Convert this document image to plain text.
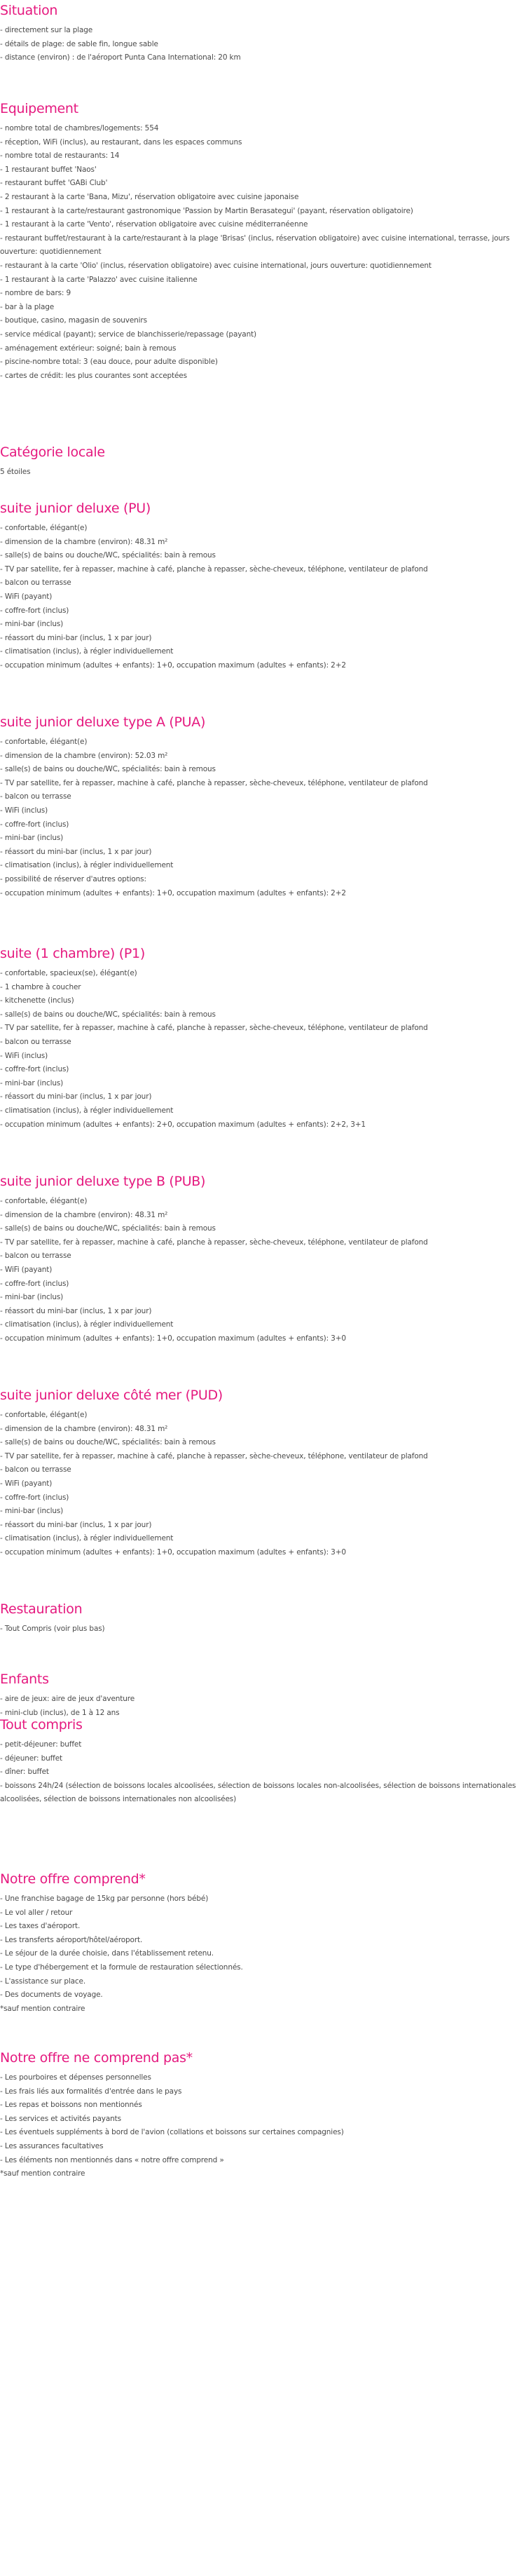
Situation
- directement sur la plage
- détails de plage: de sable fin, longue sable
- distance (environ) : de l'aéroport Punta Cana International: 20 km
Equipement
- nombre total de chambres/logements: 554
- réception, WiFi (inclus), au restaurant, dans les espaces communs
- nombre total de restaurants: 14
- 1 restaurant buffet 'Naos'
- restaurant buffet 'GABi Club'
- 2 restaurant à la carte 'Bana, Mizu', réservation obligatoire avec cuisine japonaise
- 1 restaurant à la carte/restaurant gastronomique 'Passion by Martin Berasategui' (payant, réservation obligatoire)
- 1 restaurant à la carte 'Vento', réservation obligatoire avec cuisine méditerranéenne
- restaurant buffet/restaurant à la carte/restaurant à la plage 'Brisas' (inclus, réservation obligatoire) avec cuisine international, terrasse, jours ouverture: quotidiennement
- restaurant à la carte 'Olio' (inclus, réservation obligatoire) avec cuisine international, jours ouverture: quotidiennement
- 1 restaurant à la carte 'Palazzo' avec cuisine italienne
- nombre de bars: 9
- bar à la plage
- boutique, casino, magasin de souvenirs
- service médical (payant); service de blanchisserie/repassage (payant)
- aménagement extérieur: soigné; bain à remous
- piscine-nombre total: 3 (eau douce, pour adulte disponible)
- cartes de crédit: les plus courantes sont acceptées
Catégorie locale
5 étoiles
suite junior deluxe (PU)
- confortable, élégant(e)
- dimension de la chambre (environ): 48.31 m²
- salle(s) de bains ou douche/WC, spécialités: bain à remous
- TV par satellite, fer à repasser, machine à café, planche à repasser, sèche-cheveux, téléphone, ventilateur de plafond
- balcon ou terrasse
- WiFi (payant)
- coffre-fort (inclus)
- mini-bar (inclus)
- réassort du mini-bar (inclus, 1 x par jour)
- climatisation (inclus), à régler individuellement
- occupation minimum (adultes + enfants): 1+0, occupation maximum (adultes + enfants): 2+2
suite junior deluxe type A (PUA)
- confortable, élégant(e)
- dimension de la chambre (environ): 52.03 m²
- salle(s) de bains ou douche/WC, spécialités: bain à remous
- TV par satellite, fer à repasser, machine à café, planche à repasser, sèche-cheveux, téléphone, ventilateur de plafond
- balcon ou terrasse
- WiFi (inclus)
- coffre-fort (inclus)
- mini-bar (inclus)
- réassort du mini-bar (inclus, 1 x par jour)
- climatisation (inclus), à régler individuellement
- possibilité de réserver d'autres options:
- occupation minimum (adultes + enfants): 1+0, occupation maximum (adultes + enfants): 2+2
suite (1 chambre) (P1)
- confortable, spacieux(se), élégant(e)
- 1 chambre à coucher
- kitchenette (inclus)
- salle(s) de bains ou douche/WC, spécialités: bain à remous
- TV par satellite, fer à repasser, machine à café, planche à repasser, sèche-cheveux, téléphone, ventilateur de plafond
- balcon ou terrasse
- WiFi (inclus)
- coffre-fort (inclus)
- mini-bar (inclus)
- réassort du mini-bar (inclus, 1 x par jour)
- climatisation (inclus), à régler individuellement
- occupation minimum (adultes + enfants): 2+0, occupation maximum (adultes + enfants): 2+2, 3+1
suite junior deluxe type B (PUB)
- confortable, élégant(e)
- dimension de la chambre (environ): 48.31 m²
- salle(s) de bains ou douche/WC, spécialités: bain à remous
- TV par satellite, fer à repasser, machine à café, planche à repasser, sèche-cheveux, téléphone, ventilateur de plafond
- balcon ou terrasse
- WiFi (payant)
- coffre-fort (inclus)
- mini-bar (inclus)
- réassort du mini-bar (inclus, 1 x par jour)
- climatisation (inclus), à régler individuellement
- occupation minimum (adultes + enfants): 1+0, occupation maximum (adultes + enfants): 3+0
suite junior deluxe côté mer (PUD)
- confortable, élégant(e)
- dimension de la chambre (environ): 48.31 m²
- salle(s) de bains ou douche/WC, spécialités: bain à remous
- TV par satellite, fer à repasser, machine à café, planche à repasser, sèche-cheveux, téléphone, ventilateur de plafond
- balcon ou terrasse
- WiFi (payant)
- coffre-fort (inclus)
- mini-bar (inclus)
- réassort du mini-bar (inclus, 1 x par jour)
- climatisation (inclus), à régler individuellement
- occupation minimum (adultes + enfants): 1+0, occupation maximum (adultes + enfants): 3+0
Restauration
- Tout Compris (voir plus bas)
Enfants
- aire de jeux: aire de jeux d'aventure
- mini-club (inclus), de 1 à 12 ans
Tout compris
- petit-déjeuner: buffet
- déjeuner: buffet
- dîner: buffet
- boissons 24h/24 (sélection de boissons locales alcoolisées, sélection de boissons locales non-alcoolisées, sélection de boissons internationales alcoolisées, sélection de boissons internationales non alcoolisées)
Notre offre comprend*
- Une franchise bagage de 15kg par personne (hors bébé)
- Le vol aller / retour
- Les taxes d'aéroport.
- Les transferts aéroport/hôtel/aéroport.
- Le séjour de la durée choisie, dans l'établissement retenu.
- Le type d'hébergement et la formule de restauration sélectionnés.
- L'assistance sur place.
- Des documents de voyage.
*sauf mention contraire
Notre offre ne comprend pas*
- Les pourboires et dépenses personnelles
- Les frais liés aux formalités d'entrée dans le pays
- Les repas et boissons non mentionnés
- Les services et activités payants
- Les éventuels suppléments à bord de l'avion (collations et boissons sur certaines compagnies)
- Les assurances facultatives
- Les éléments non mentionnés dans « notre offre comprend »
*sauf mention contraire
